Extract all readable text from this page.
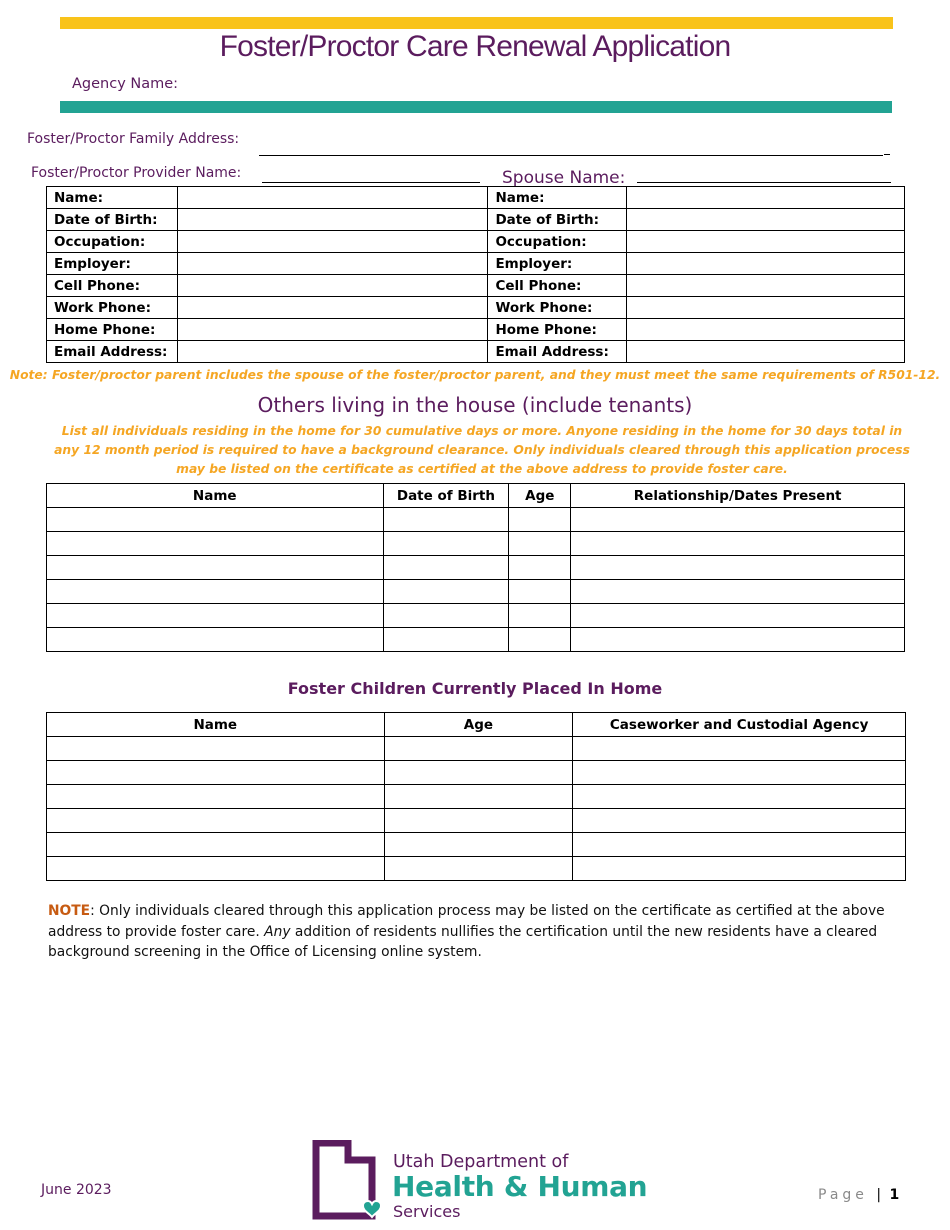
Foster/Proctor Care Renewal Application
Agency Name:
Foster/Proctor Family Address:
Foster/Proctor Provider Name:	Spouse Name:
Name:		Name:	
Date of Birth:		Date of Birth:	
Occupation:		Occupation:	
Employer:		Employer:	
Cell Phone:		Cell Phone:	
Work Phone:		Work Phone:	
Home Phone:		Home Phone:	
Email Address:		Email Address:	
Note: Foster/proctor parent includes the spouse of the foster/proctor parent, and they must meet the same requirements of R501-12.
Others living in the house (include tenants)
List all individuals residing in the home for 30 cumulative days or more. Anyone residing in the home for 30 days total in any 12 month period is required to have a background clearance. Only individuals cleared through this application process may be listed on the certificate as certified at the above address to provide foster care.
Name	Date of Birth	Age	Relationship/Dates Present

Foster Children Currently Placed In Home
Name	Age	Caseworker and Custodial Agency

NOTE: Only individuals cleared through this application process may be listed on the certificate as certified at the above address to provide foster care. Any addition of residents nullifies the certification until the new residents have a cleared background screening in the Office of Licensing online system.
June 2023
Utah Department of
Health & Human
Services
Page | 1
